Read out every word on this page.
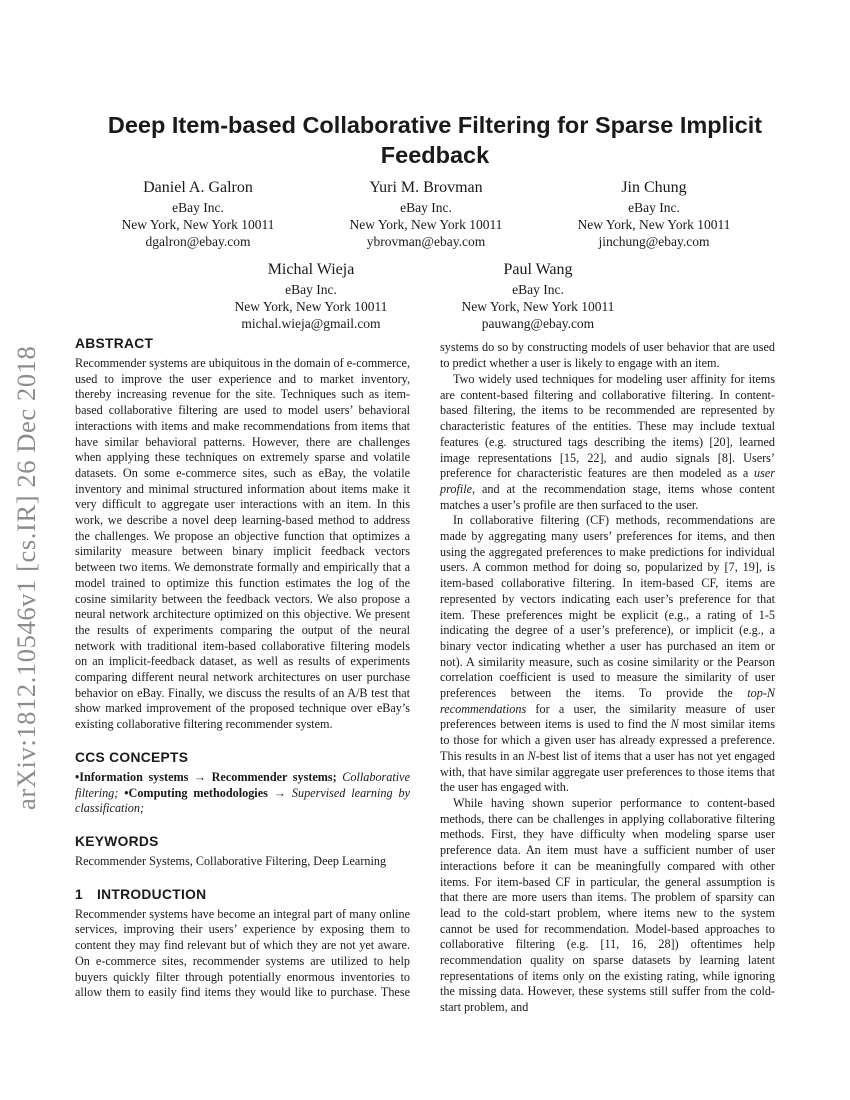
arXiv:1812.10546v1 [cs.IR] 26 Dec 2018
Deep Item-based Collaborative Filtering for Sparse Implicit Feedback
Daniel A. Galron
eBay Inc.
New York, New York 10011
dgalron@ebay.com
Yuri M. Brovman
eBay Inc.
New York, New York 10011
ybrovman@ebay.com
Jin Chung
eBay Inc.
New York, New York 10011
jinchung@ebay.com
Michal Wieja
eBay Inc.
New York, New York 10011
michal.wieja@gmail.com
Paul Wang
eBay Inc.
New York, New York 10011
pauwang@ebay.com
ABSTRACT

Recommender systems are ubiquitous in the domain of e-commerce, used to improve the user experience and to market inventory, thereby increasing revenue for the site. Techniques such as item-based collaborative filtering are used to model users’ behavioral interactions with items and make recommendations from items that have similar behavioral patterns. However, there are challenges when applying these techniques on extremely sparse and volatile datasets. On some e-commerce sites, such as eBay, the volatile inventory and minimal structured information about items make it very difficult to aggregate user interactions with an item. In this work, we describe a novel deep learning-based method to address the challenges. We propose an objective function that optimizes a similarity measure between binary implicit feedback vectors between two items. We demonstrate formally and empirically that a model trained to optimize this function estimates the log of the cosine similarity between the feedback vectors. We also propose a neural network architecture optimized on this objective. We present the results of experiments comparing the output of the neural network with traditional item-based collaborative filtering models on an implicit-feedback dataset, as well as results of experiments comparing different neural network architectures on user purchase behavior on eBay. Finally, we discuss the results of an A/B test that show marked improvement of the proposed technique over eBay’s existing collaborative filtering recommender system.

CCS CONCEPTS

•Information systems → Recommender systems; Collaborative filtering; •Computing methodologies → Supervised learning by classification;

KEYWORDS

Recommender Systems, Collaborative Filtering, Deep Learning

1 INTRODUCTION

Recommender systems have become an integral part of many online services, improving their users’ experience by exposing them to content they may find relevant but of which they are not yet aware. On e-commerce sites, recommender systems are utilized to help buyers quickly filter through potentially enormous inventories to allow them to easily find items they would like to purchase. These

systems do so by constructing models of user behavior that are used to predict whether a user is likely to engage with an item.

Two widely used techniques for modeling user affinity for items are content-based filtering and collaborative filtering. In content-based filtering, the items to be recommended are represented by characteristic features of the entities. These may include textual features (e.g. structured tags describing the items) [20], learned image representations [15, 22], and audio signals [8]. Users’ preference for characteristic features are then modeled as a user profile, and at the recommendation stage, items whose content matches a user’s profile are then surfaced to the user.

In collaborative filtering (CF) methods, recommendations are made by aggregating many users’ preferences for items, and then using the aggregated preferences to make predictions for individual users. A common method for doing so, popularized by [7, 19], is item-based collaborative filtering. In item-based CF, items are represented by vectors indicating each user’s preference for that item. These preferences might be explicit (e.g., a rating of 1-5 indicating the degree of a user’s preference), or implicit (e.g., a binary vector indicating whether a user has purchased an item or not). A similarity measure, such as cosine similarity or the Pearson correlation coefficient is used to measure the similarity of user preferences between the items. To provide the top-N recommendations for a user, the similarity measure of user preferences between items is used to find the N most similar items to those for which a given user has already expressed a preference. This results in an N-best list of items that a user has not yet engaged with, that have similar aggregate user preferences to those items that the user has engaged with.

While having shown superior performance to content-based methods, there can be challenges in applying collaborative filtering methods. First, they have difficulty when modeling sparse user preference data. An item must have a sufficient number of user interactions before it can be meaningfully compared with other items. For item-based CF in particular, the general assumption is that there are more users than items. The problem of sparsity can lead to the cold-start problem, where items new to the system cannot be used for recommendation. Model-based approaches to collaborative filtering (e.g. [11, 16, 28]) oftentimes help recommendation quality on sparse datasets by learning latent representations of items only on the existing rating, while ignoring the missing data. However, these systems still suffer from the cold-start problem, and
